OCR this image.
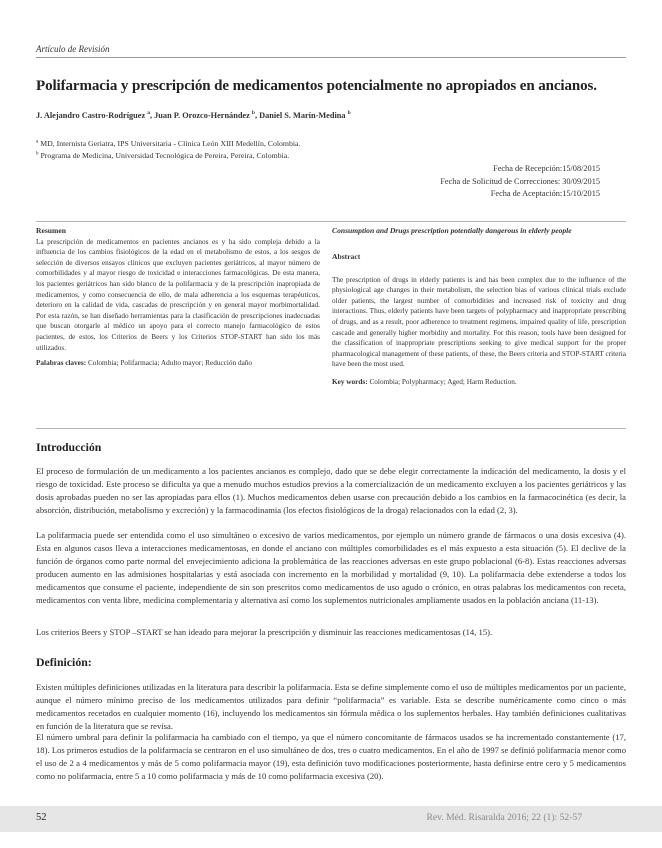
Artículo de Revisión
Polifarmacia y prescripción de medicamentos potencialmente no apropiados en ancianos.
J. Alejandro Castro-Rodríguez $^a$, Juan P. Orozco-Hernández $^b$, Daniel S. Marín-Medina $^b$
$^a$ MD, Internista Geriatra, IPS Universitaria - Clínica León XIII Medellín, Colombia.
$^b$ Programa de Medicina, Universidad Tecnológica de Pereira, Pereira, Colombia.
Fecha de Recepción:15/08/2015
Fecha de Solicitud de Correcciones: 30/09/2015
Fecha de Aceptación:15/10/2015
Resumen
La prescripción de medicamentos en pacientes ancianos es y ha sido compleja debido a la influencia de los cambios fisiológicos de la edad en el metabolismo de estos, a los sesgos de selección de diversos ensayos clínicos que excluyen pacientes geriátricos, al mayor número de comorbilidades y al mayor riesgo de toxicidad e interacciones farmacológicas. De esta manera, los pacientes geriátricos han sido blanco de la polifarmacia y de la prescripción inapropiada de medicamentos, y como consecuencia de ello, de mala adherencia a los esquemas terapéuticos, deterioro en la calidad de vida, cascadas de prescripción y en general mayor morbimortalidad. Por esta razón, se han diseñado herramientas para la clasificación de prescripciones inadecuadas que buscan otorgarle al médico un apoyo para el correcto manejo farmacológico de estos pacientes, de estos, los Criterios de Beers y los Criterios STOP-START han sido los más utilizados.
Palabras claves: Colombia; Polifarmacia; Adulto mayor; Reducción daño
Consumption and Drugs prescription potentially dangerous in elderly people
Abstract
The prescription of drugs in elderly patients is and has been complex due to the influence of the physiological age changes in their metabolism, the selection bias of various clinical trials exclude older patients, the largest number of comorbidities and increased risk of toxicity and drug interactions. Thus, elderly patients have been targets of polypharmacy and inappropriate prescribing of drugs, and as a result, poor adherence to treatment regimens, impaired quality of life, prescription cascade and generally higher morbidity and mortality. For this reason, tools have been designed for the classification of inappropriate prescriptions seeking to give medical support for the proper pharmacological management of these patients, of these, the Beers criteria and STOP-START criteria have been the most used.
Key words: Colombia; Polypharmacy; Aged; Harm Reduction.
Introducción

El proceso de formulación de un medicamento a los pacientes ancianos es complejo, dado que se debe elegir correctamente la indicación del medicamento, la dosis y el riesgo de toxicidad. Este proceso se dificulta ya que a menudo muchos estudios previos a la comercialización de un medicamento excluyen a los pacientes geriátricos y las dosis aprobadas pueden no ser las apropiadas para ellos (1). Muchos medicamentos deben usarse con precaución debido a los cambios en la farmacocinética (es decir, la absorción, distribución, metabolismo y excreción) y la farmacodinamia (los efectos fisiológicos de la droga) relacionados con la edad (2, 3).

La polifarmacia puede ser entendida como el uso simultáneo o excesivo de varios medicamentos, por ejemplo un número grande de fármacos o una dosis excesiva (4). Esta en algunos casos lleva a interacciones medicamentosas, en donde el anciano con múltiples comorbilidades es el más expuesto a esta situación (5). El declive de la función de órganos como parte normal del envejecimiento adiciona la problemática de las reacciones adversas en este grupo poblacional (6-8). Estas reacciones adversas producen aumento en las admisiones hospitalarias y está asociada con incremento en la morbilidad y mortalidad (9, 10). La polifarmacia debe extenderse a todos los medicamentos que consume el paciente, independiente de sin son prescritos como medicamentos de uso agudo o crónico, en otras palabras los medicamentos con receta, medicamentos con venta libre, medicina complementaria y alternativa así como los suplementos nutricionales ampliamente usados en la población anciana (11-13).

Los criterios Beers y STOP –START se han ideado para mejorar la prescripción y disminuir las reacciones medicamentosas (14, 15).

Definición:

Existen múltiples definiciones utilizadas en la literatura para describir la polifarmacia. Esta se define simplemente como el uso de múltiples medicamentos por un paciente, aunque el número mínimo preciso de los medicamentos utilizados para definir “polifarmacia” es variable. Esta se describe numéricamente como cinco o más medicamentos recetados en cualquier momento (16), incluyendo los medicamentos sin fórmula médica o los suplementos herbales. Hay también definiciones cualitativas en función de la literatura que se revisa.

El número umbral para definir la polifarmacia ha cambiado con el tiempo, ya que el número concomitante de fármacos usados se ha incrementado constantemente (17, 18). Los primeros estudios de la polifarmacia se centraron en el uso simultáneo de dos, tres o cuatro medicamentos. En el año de 1997 se definió polifarmacia menor como el uso de 2 a 4 medicamentos y más de 5 como polifarmacia mayor (19), esta definición tuvo modificaciones posteriormente, hasta definirse entre cero y 5 medicamentos como no polifarmacia, entre 5 a 10 como polifarmacia y más de 10 como polifarmacia excesiva (20).

52	Rev. Méd. Risaralda 2016; 22 (1): 52-57
